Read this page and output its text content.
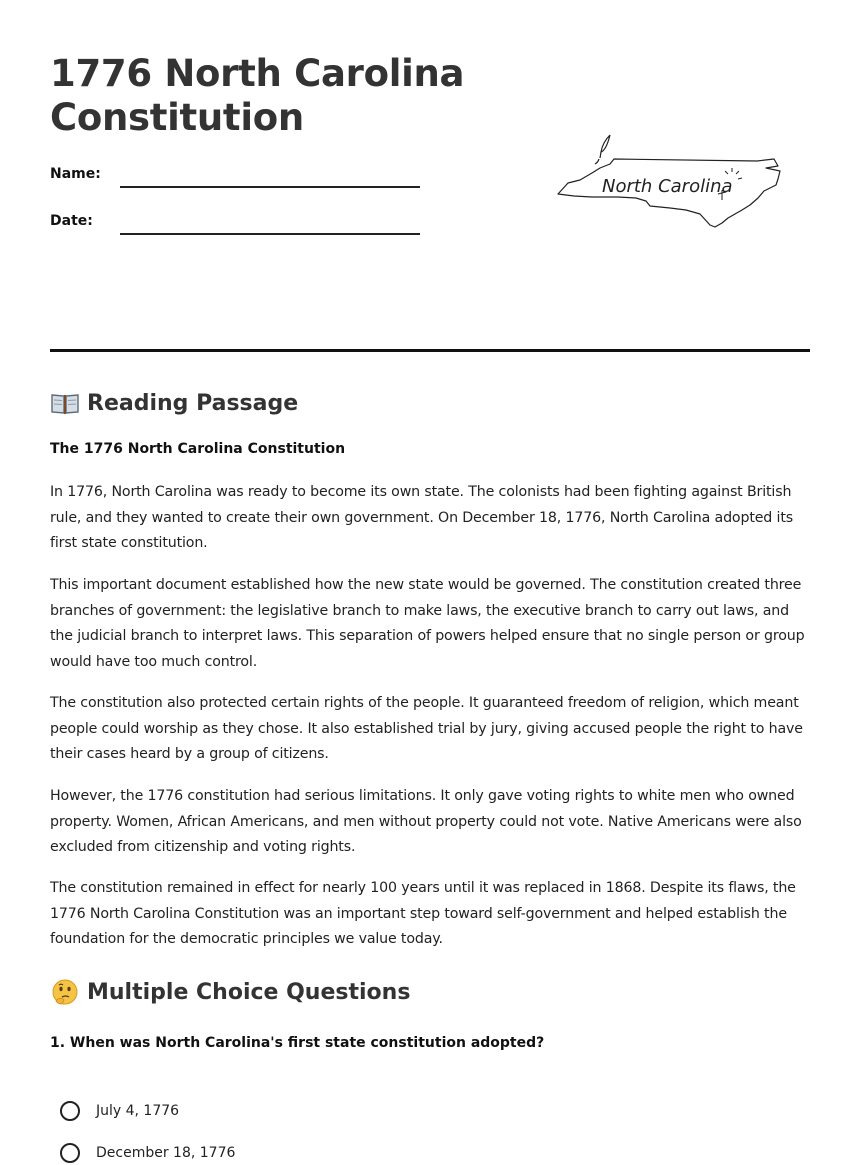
1776 North Carolina Constitution
Name:
Date:
North Carolina
Reading Passage

The 1776 North Carolina Constitution

In 1776, North Carolina was ready to become its own state. The colonists had been fighting against British rule, and they wanted to create their own government. On December 18, 1776, North Carolina adopted its first state constitution.

This important document established how the new state would be governed. The constitution created three branches of government: the legislative branch to make laws, the executive branch to carry out laws, and the judicial branch to interpret laws. This separation of powers helped ensure that no single person or group would have too much control.

The constitution also protected certain rights of the people. It guaranteed freedom of religion, which meant people could worship as they chose. It also established trial by jury, giving accused people the right to have their cases heard by a group of citizens.

However, the 1776 constitution had serious limitations. It only gave voting rights to white men who owned property. Women, African Americans, and men without property could not vote. Native Americans were also excluded from citizenship and voting rights.

The constitution remained in effect for nearly 100 years until it was replaced in 1868. Despite its flaws, the 1776 North Carolina Constitution was an important step toward self-government and helped establish the foundation for the democratic principles we value today.

Multiple Choice Questions

1. When was North Carolina's first state constitution adopted?

July 4, 1776
December 18, 1776
